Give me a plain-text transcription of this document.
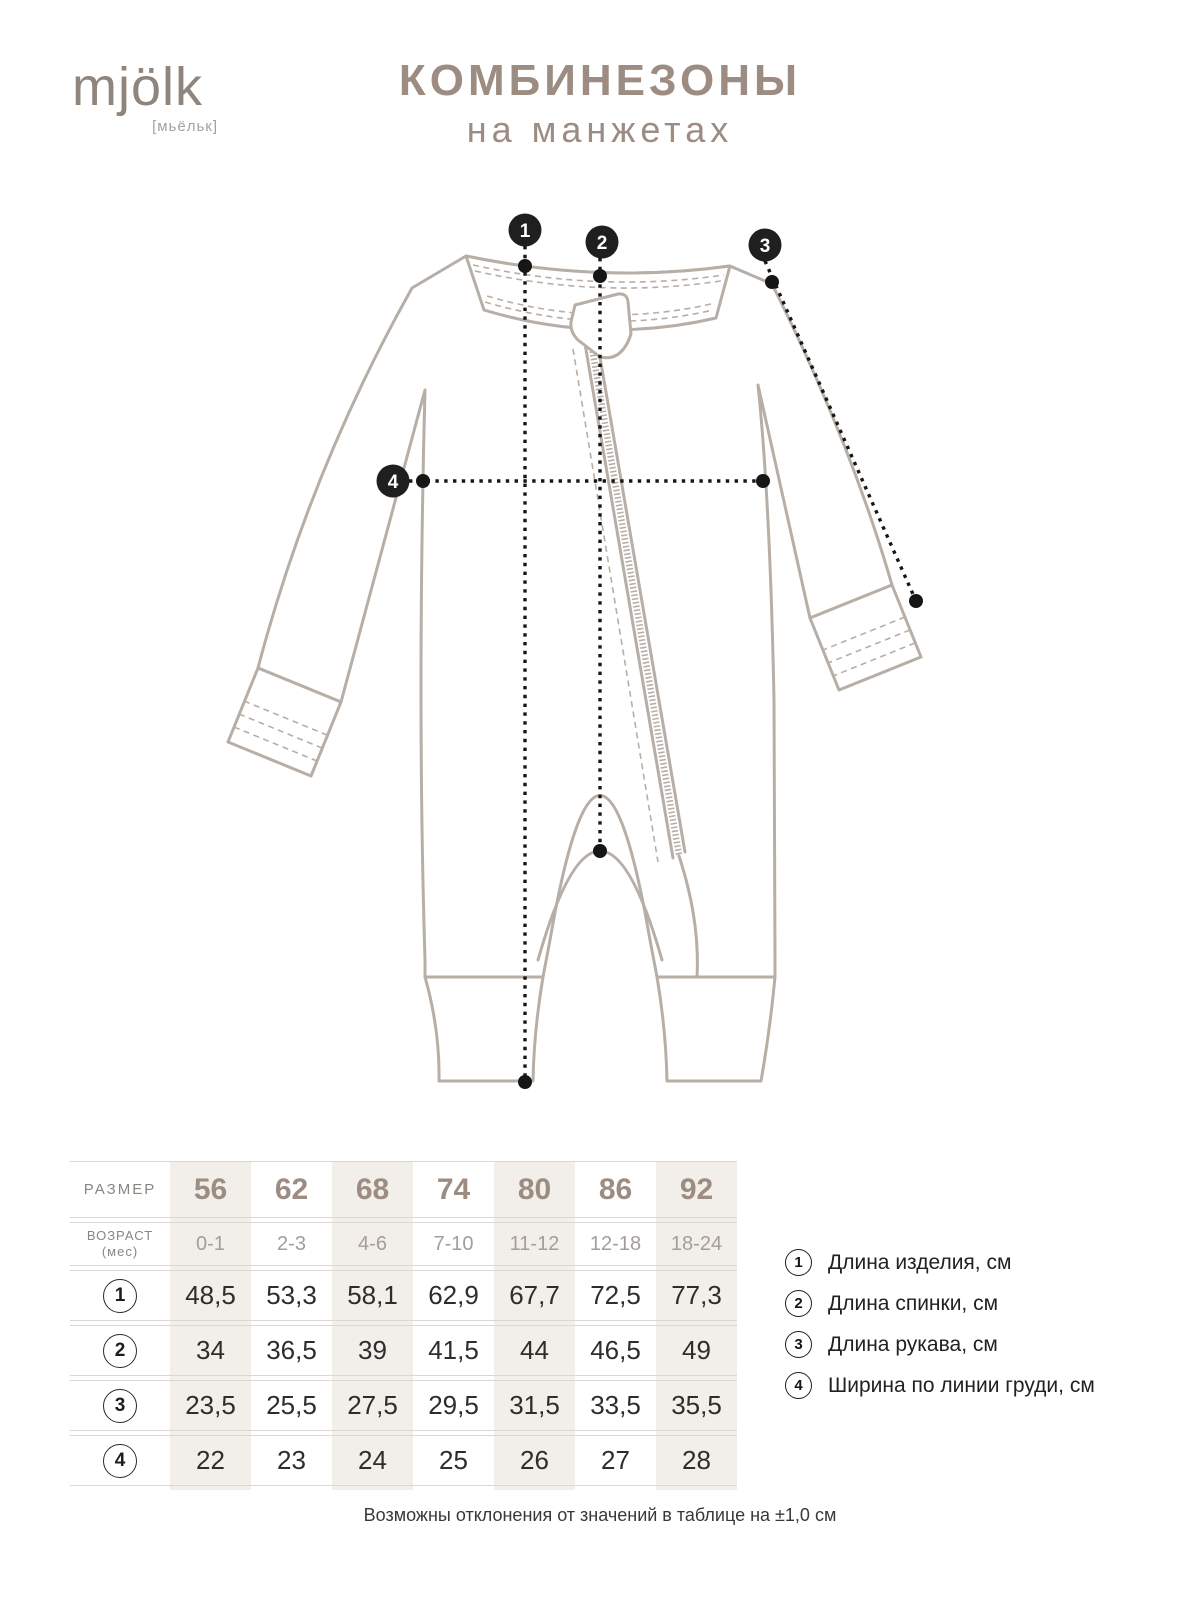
mjölk
[мьёльк]
КОМБИНЕЗОНЫ
на манжетах
1
2	3
4
РАЗМЕР	56	62	68	74	80	86	92
ВОЗРАСТ
(мес)	0-1	2-3	4-6	7-10	11-12	12-18	18-24
1	48,5	53,3	58,1	62,9	67,7	72,5	77,3
2	34	36,5	39	41,5	44	46,5	49
3	23,5	25,5	27,5	29,5	31,5	33,5	35,5
4	22	23	24	25	26	27	28
1	Длина изделия, см
2	Длина спинки, см
3	Длина рукава, см
4	Ширина по линии груди, см
Возможны отклонения от значений в таблице на ±1,0 см
